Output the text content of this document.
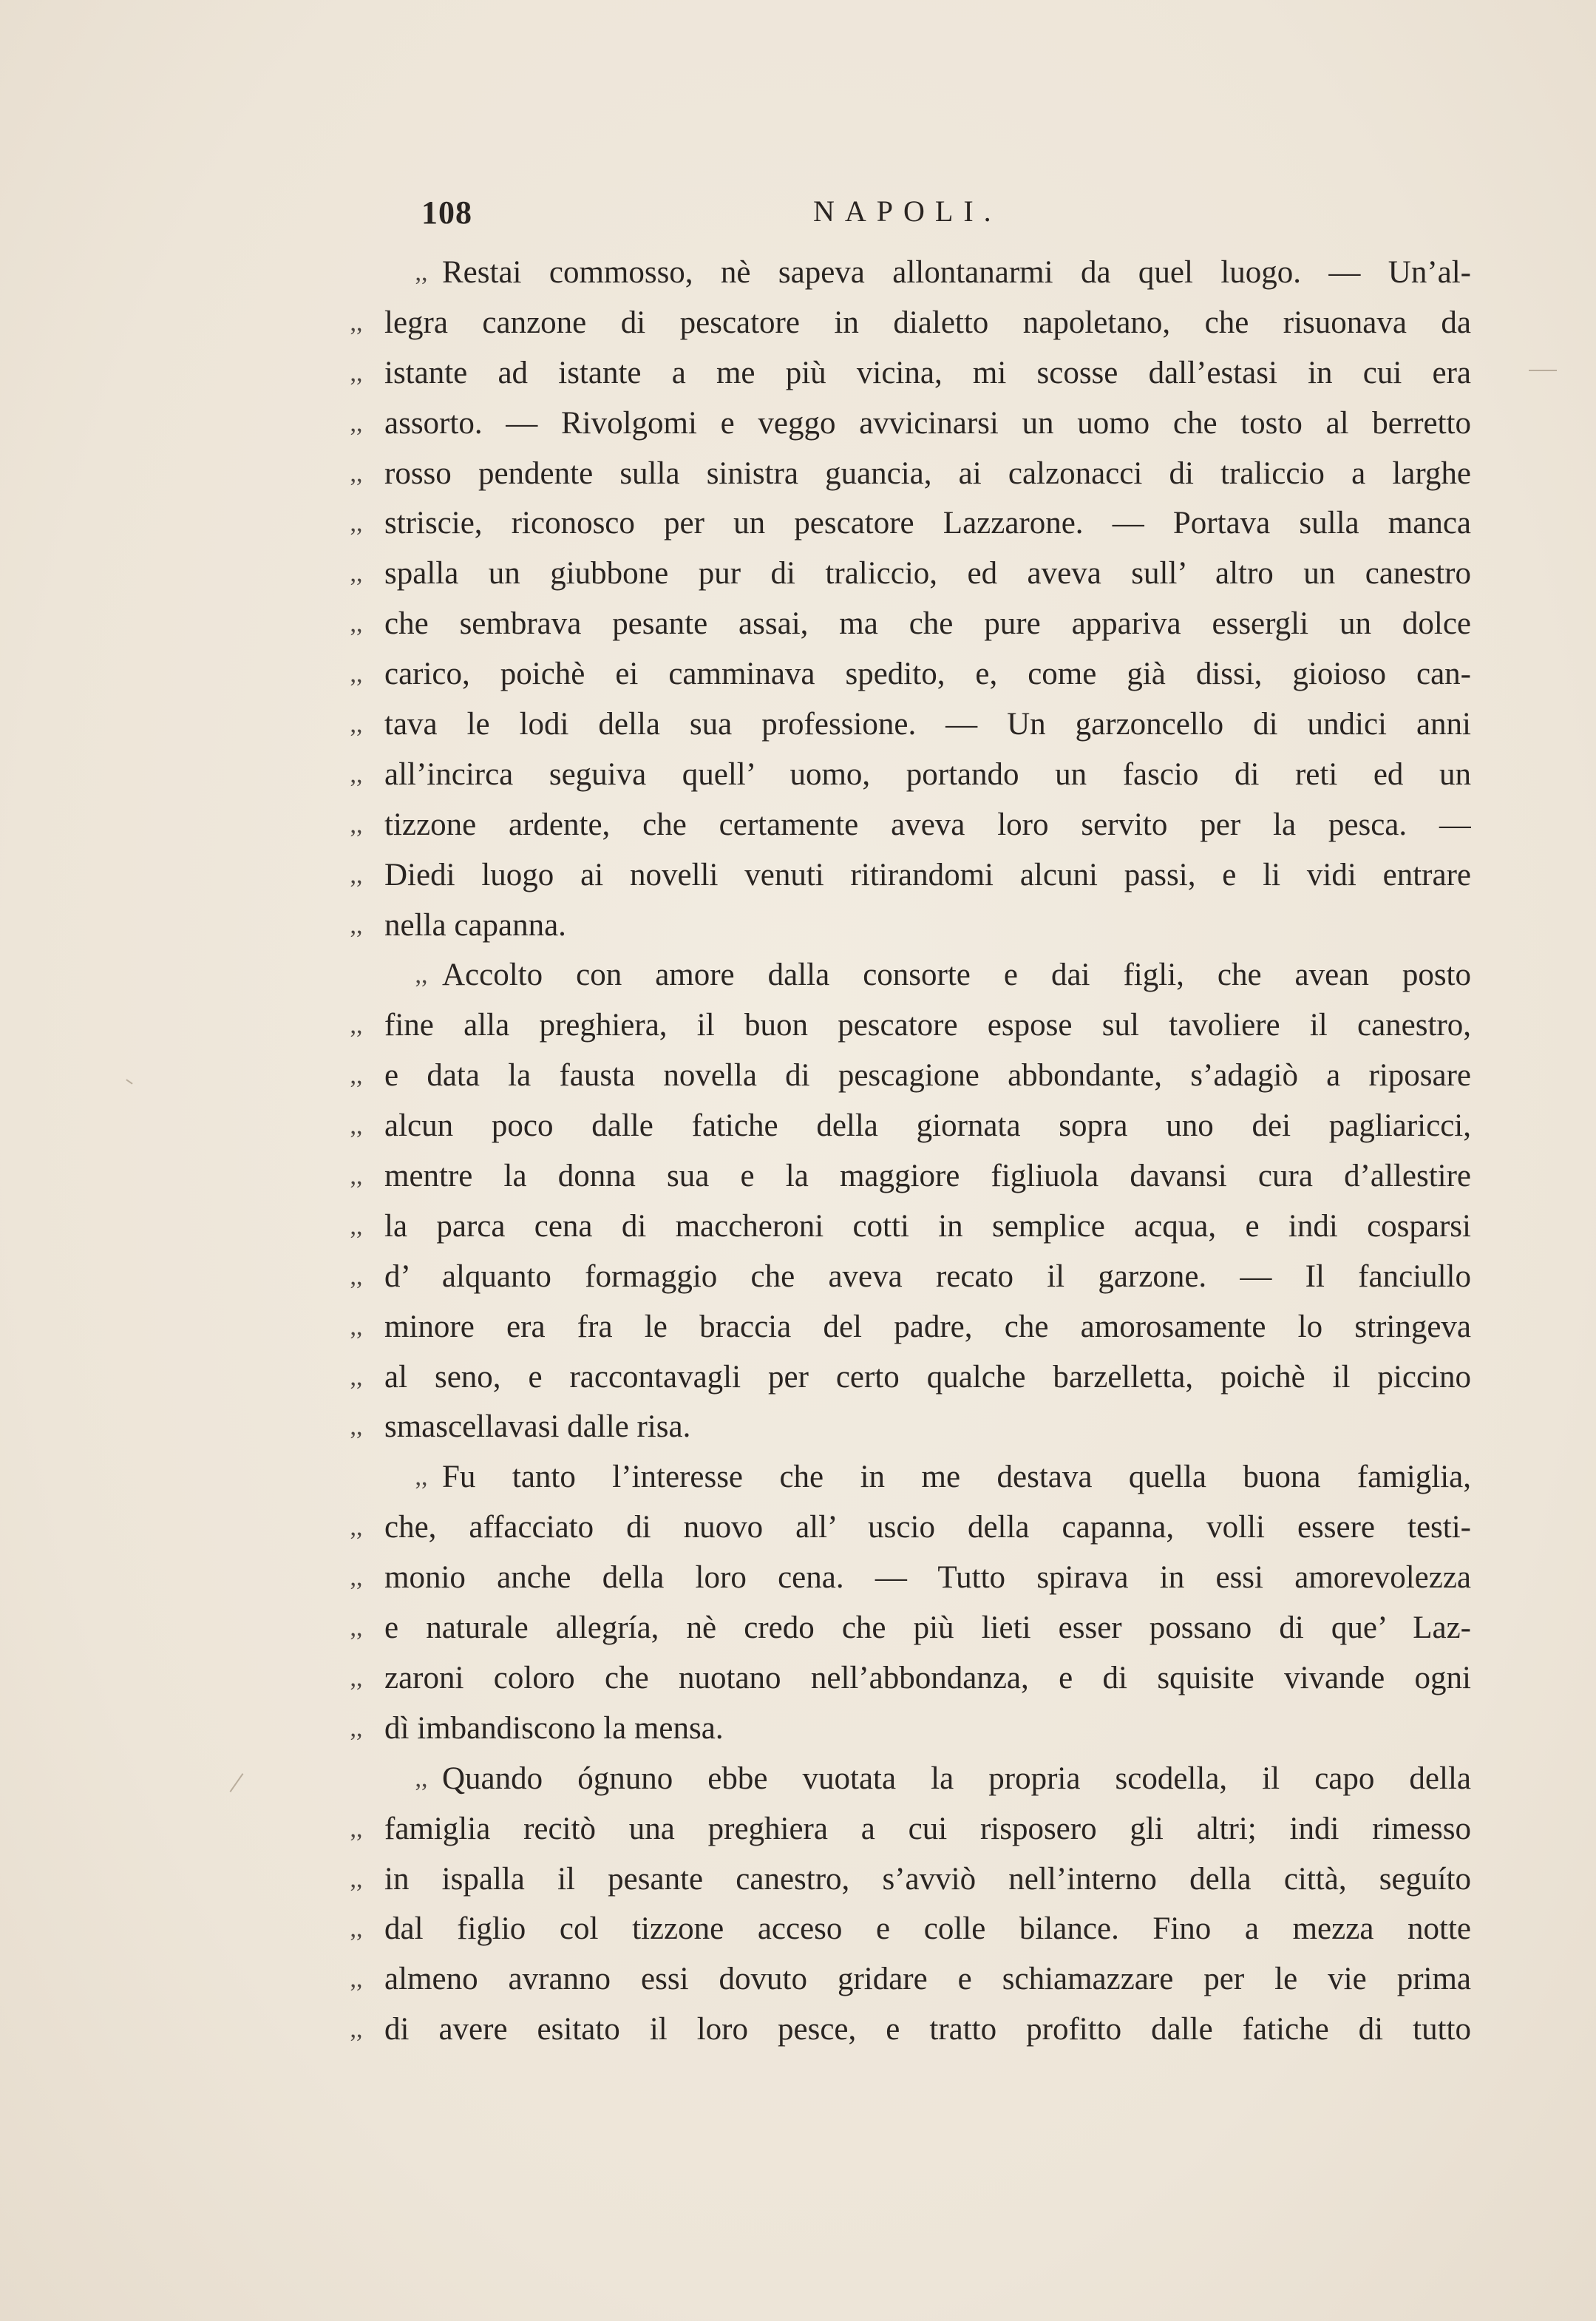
108	NAPOLI.
,, Restai commosso, nè sapeva allontanarmi da quel luogo. — Un’al-
,, legra canzone di pescatore in dialetto napoletano, che risuonava da
,, istante ad istante a me più vicina, mi scosse dall’estasi in cui era
,, assorto. — Rivolgomi e veggo avvicinarsi un uomo che tosto al berretto
,, rosso pendente sulla sinistra guancia, ai calzonacci di traliccio a larghe
,, striscie, riconosco per un pescatore Lazzarone. — Portava sulla manca
,, spalla un giubbone pur di traliccio, ed aveva sull’ altro un canestro
,, che sembrava pesante assai, ma che pure appariva essergli un dolce
,, carico, poichè ei camminava spedito, e, come già dissi, gioioso can-
,, tava le lodi della sua professione. — Un garzoncello di undici anni
,, all’incirca seguiva quell’ uomo, portando un fascio di reti ed un
,, tizzone ardente, che certamente aveva loro servito per la pesca. —
,, Diedi luogo ai novelli venuti ritirandomi alcuni passi, e li vidi entrare
,, nella capanna.
,, Accolto con amore dalla consorte e dai figli, che avean posto
,, fine alla preghiera, il buon pescatore espose sul tavoliere il canestro,
,, e data la fausta novella di pescagione abbondante, s’adagiò a riposare
,, alcun poco dalle fatiche della giornata sopra uno dei pagliaricci,
,, mentre la donna sua e la maggiore figliuola davansi cura d’allestire
,, la parca cena di maccheroni cotti in semplice acqua, e indi cosparsi
,, d’ alquanto formaggio che aveva recato il garzone. — Il fanciullo
,, minore era fra le braccia del padre, che amorosamente lo stringeva
,, al seno, e raccontavagli per certo qualche barzelletta, poichè il piccino
,, smascellavasi dalle risa.
,, Fu tanto l’interesse che in me destava quella buona famiglia,
,, che, affacciato di nuovo all’ uscio della capanna, volli essere testi-
,, monio anche della loro cena. — Tutto spirava in essi amorevolezza
,, e naturale allegría, nè credo che più lieti esser possano di que’ Laz-
,, zaroni coloro che nuotano nell’abbondanza, e di squisite vivande ogni
,, dì imbandiscono la mensa.
,, Quando ógnuno ebbe vuotata la propria scodella, il capo della
,, famiglia recitò una preghiera a cui risposero gli altri; indi rimesso
,, in ispalla il pesante canestro, s’avviò nell’interno della città, seguíto
,, dal figlio col tizzone acceso e colle bilance. Fino a mezza notte
,, almeno avranno essi dovuto gridare e schiamazzare per le vie prima
,, di avere esitato il loro pesce, e tratto profitto dalle fatiche di tutto
